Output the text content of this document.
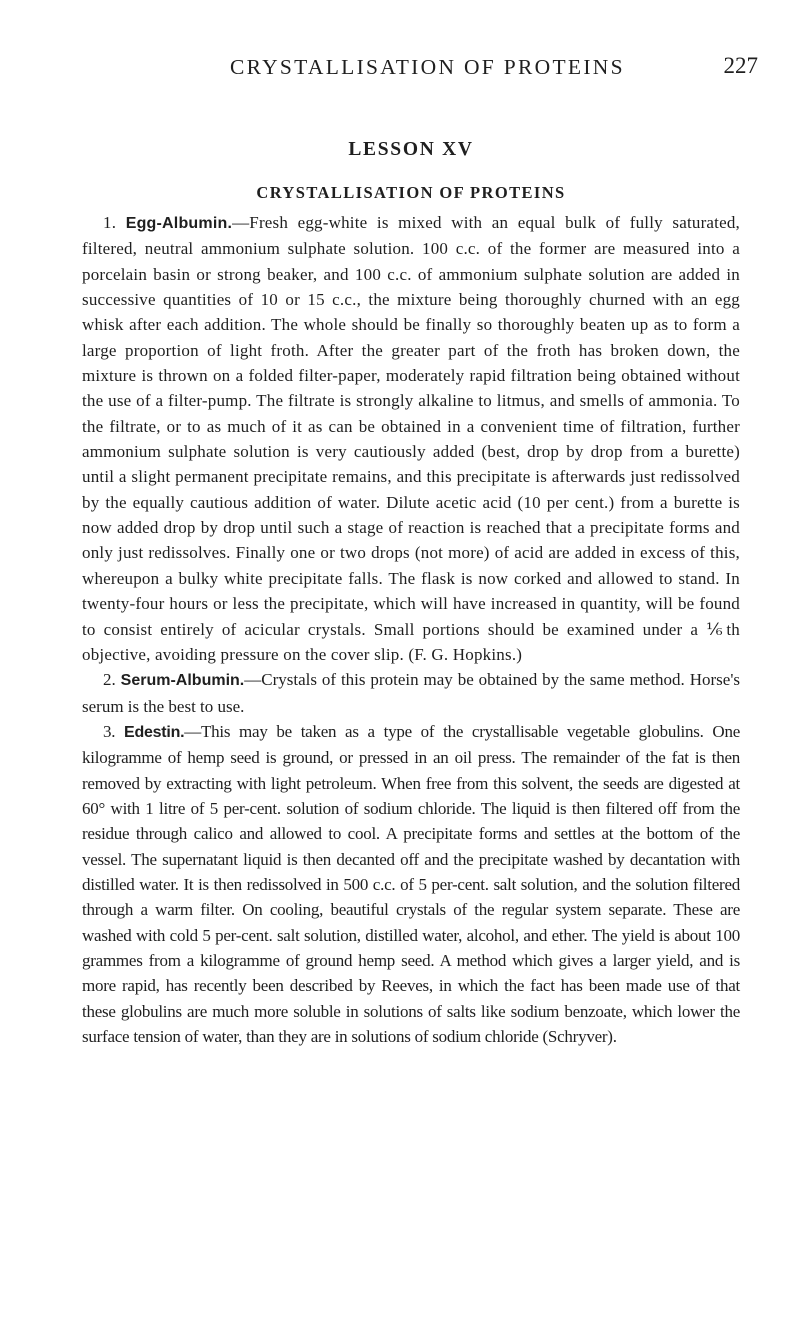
CRYSTALLISATION OF PROTEINS	227
LESSON XV
CRYSTALLISATION OF PROTEINS

1. Egg-Albumin.—Fresh egg-white is mixed with an equal bulk of fully saturated, filtered, neutral ammonium sulphate solution. 100 c.c. of the former are measured into a porcelain basin or strong beaker, and 100 c.c. of ammonium sulphate solution are added in successive quantities of 10 or 15 c.c., the mixture being thoroughly churned with an egg whisk after each addition. The whole should be finally so thoroughly beaten up as to form a large proportion of light froth. After the greater part of the froth has broken down, the mixture is thrown on a folded filter-paper, moderately rapid filtration being obtained without the use of a filter-pump. The filtrate is strongly alkaline to litmus, and smells of ammonia. To the filtrate, or to as much of it as can be obtained in a convenient time of filtration, further ammonium sulphate solution is very cautiously added (best, drop by drop from a burette) until a slight permanent precipitate remains, and this precipitate is afterwards just redissolved by the equally cautious addition of water. Dilute acetic acid (10 per cent.) from a burette is now added drop by drop until such a stage of reaction is reached that a precipitate forms and only just redissolves. Finally one or two drops (not more) of acid are added in excess of this, whereupon a bulky white precipitate falls. The flask is now corked and allowed to stand. In twenty-four hours or less the precipitate, which will have increased in quantity, will be found to consist entirely of acicular crystals. Small portions should be examined under a ⅙th objective, avoiding pressure on the cover slip. (F. G. Hopkins.)

2. Serum-Albumin.—Crystals of this protein may be obtained by the same method. Horse's serum is the best to use.

3. Edestin.—This may be taken as a type of the crystallisable vegetable globulins. One kilogramme of hemp seed is ground, or pressed in an oil press. The remainder of the fat is then removed by extracting with light petroleum. When free from this solvent, the seeds are digested at 60° with 1 litre of 5 per-cent. solution of sodium chloride. The liquid is then filtered off from the residue through calico and allowed to cool. A precipitate forms and settles at the bottom of the vessel. The supernatant liquid is then decanted off and the precipitate washed by decantation with distilled water. It is then redissolved in 500 c.c. of 5 per-cent. salt solution, and the solution filtered through a warm filter. On cooling, beautiful crystals of the regular system separate. These are washed with cold 5 per-cent. salt solution, distilled water, alcohol, and ether. The yield is about 100 grammes from a kilogramme of ground hemp seed. A method which gives a larger yield, and is more rapid, has recently been described by Reeves, in which the fact has been made use of that these globulins are much more soluble in solutions of salts like sodium benzoate, which lower the surface tension of water, than they are in solutions of sodium chloride (Schryver).
